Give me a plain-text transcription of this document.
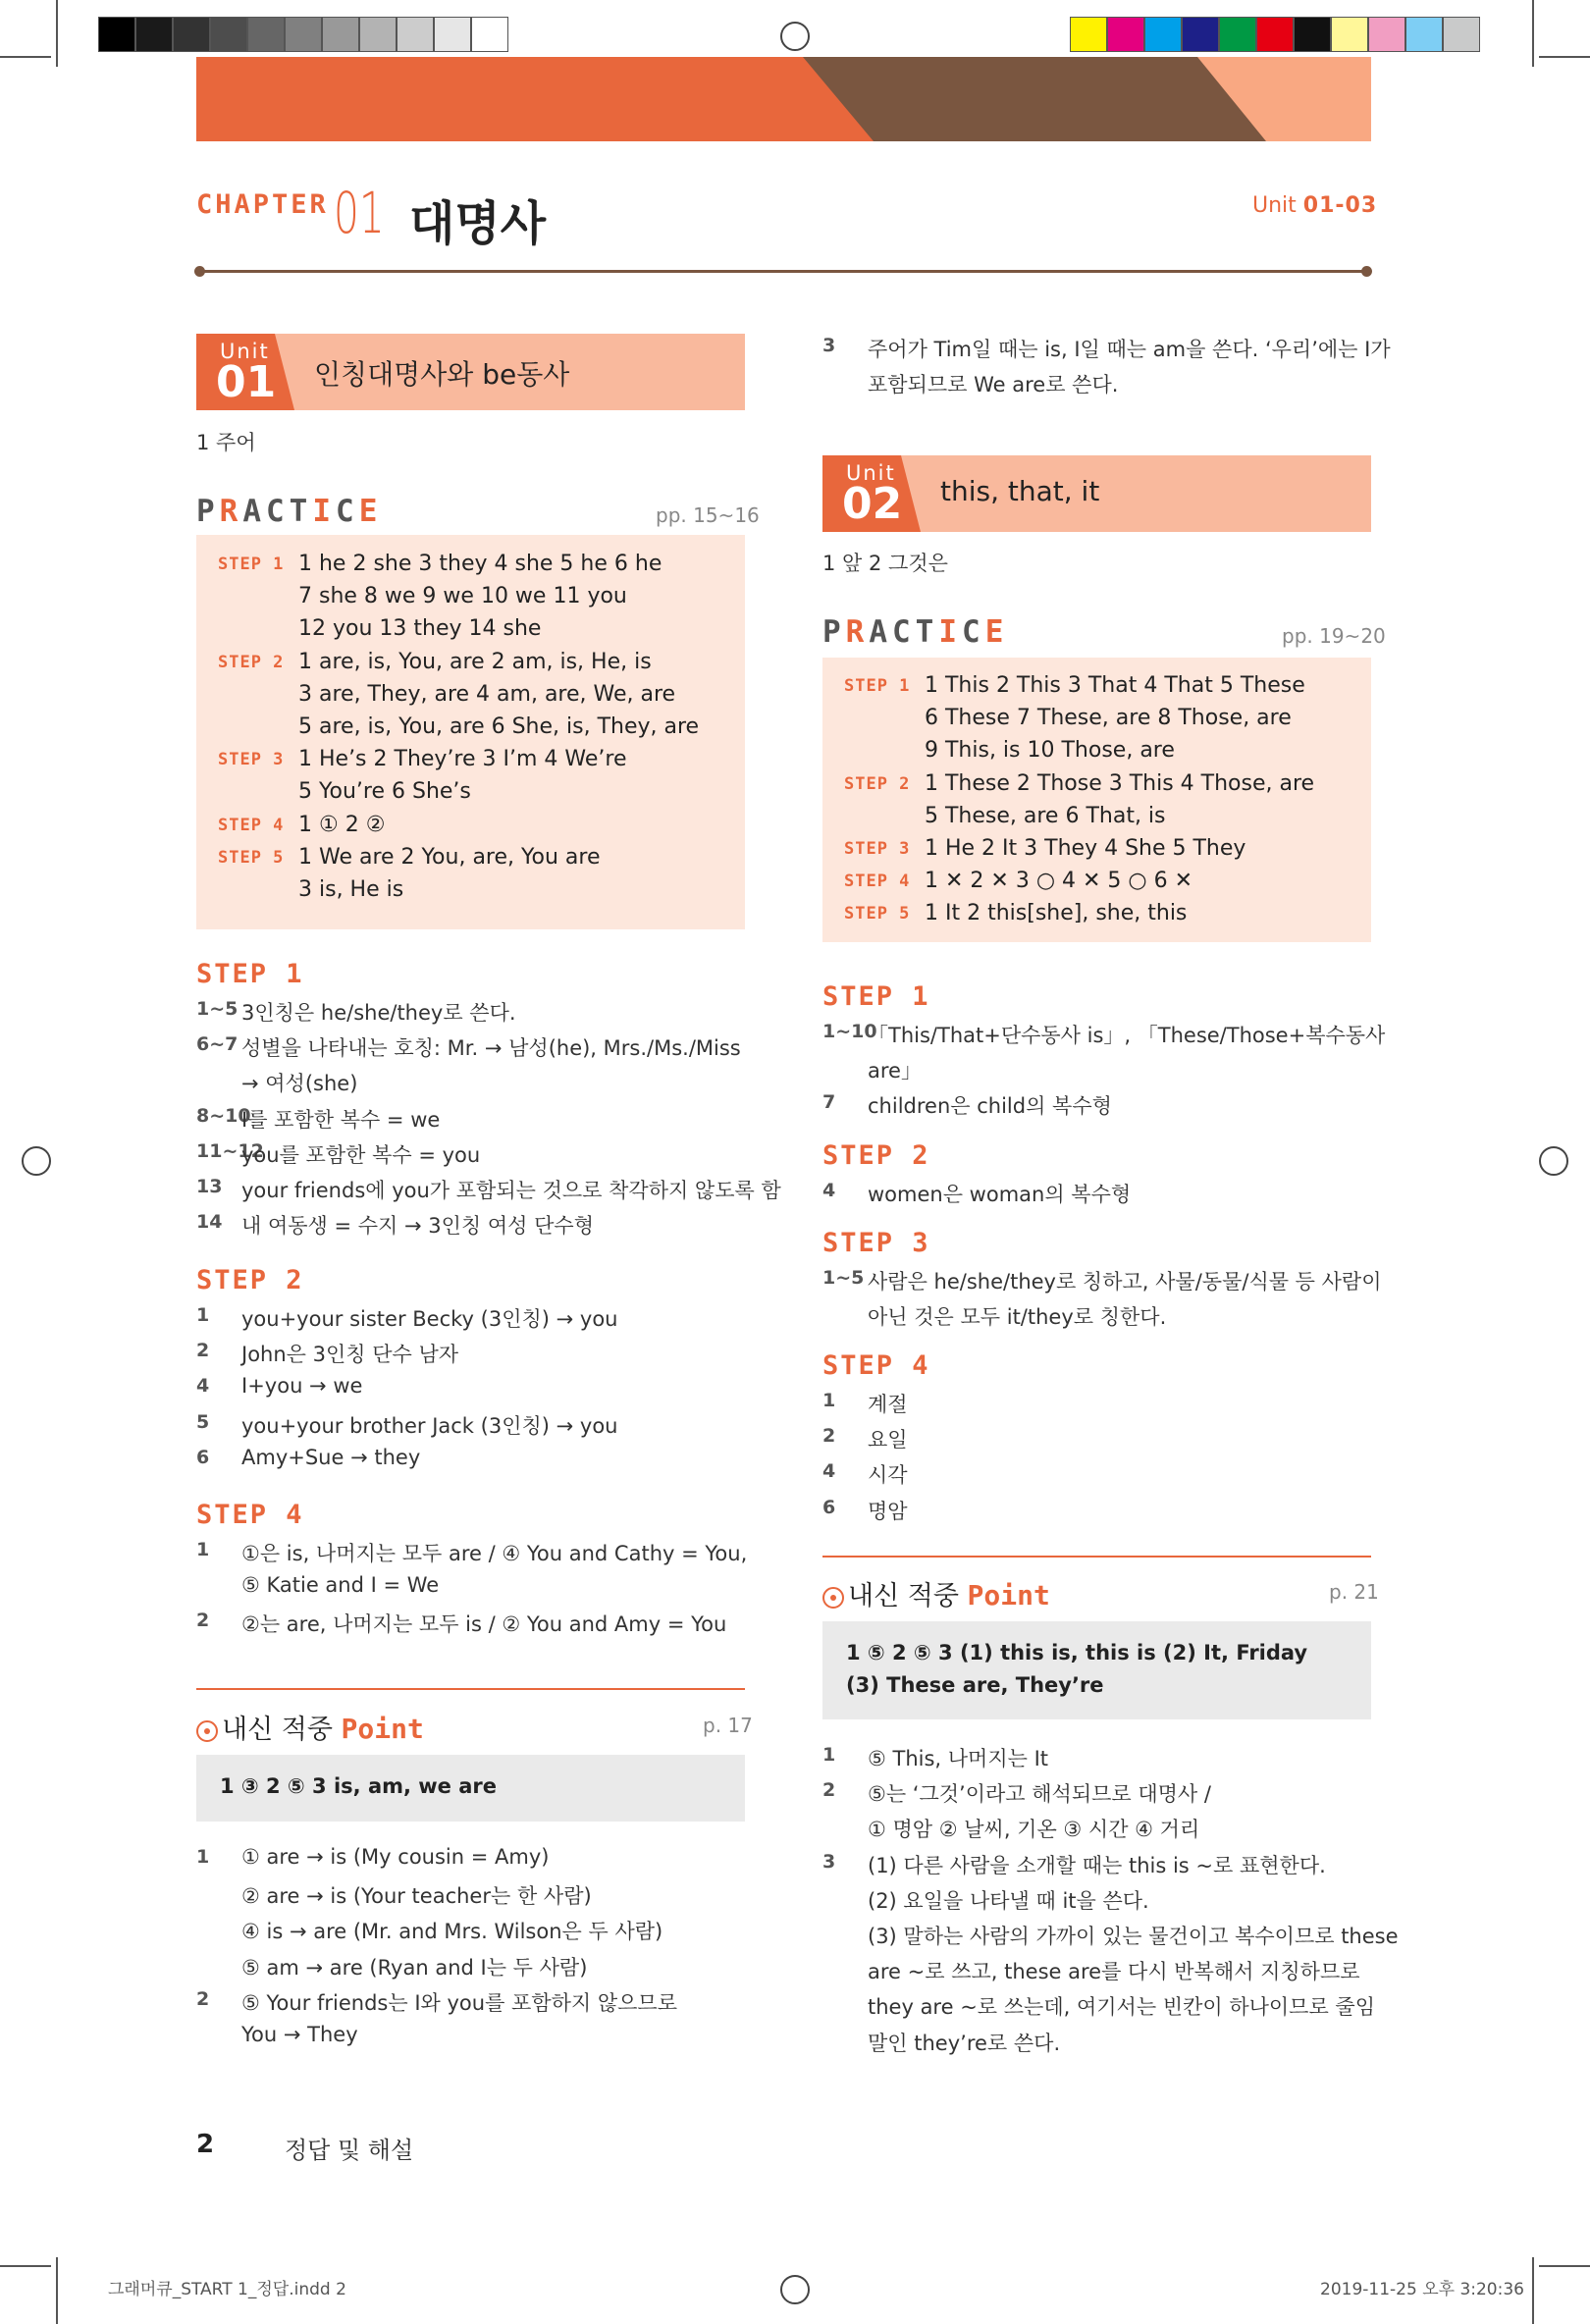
CHAPTER 01 대명사	Unit 01-03
Unit
01 인칭대명사와 be동사
1 주어
PRACTICE	pp. 15~16
STEP 1 1 he 2 she 3 they 4 she 5 he 6 he
7 she 8 we 9 we 10 we 11 you
12 you 13 they 14 she
STEP 2 1 are, is, You, are 2 am, is, He, is
3 are, They, are 4 am, are, We, are
5 are, is, You, are 6 She, is, They, are
STEP 3 1 He’s 2 They’re 3 I’m 4 We’re
5 You’re 6 She’s
STEP 4 1 ① 2 ②
STEP 5 1 We are 2 You, are, You are
3 is, He is
STEP 1
1~5 3인칭은 he/she/they로 쓴다.
6~7 성별을 나타내는 호칭: Mr. → 남성(he), Mrs./Ms./Miss
→ 여성(she)
8~10
I를 포함한 복수 = we
11~12
you를 포함한 복수 = you
13 your friends에 you가 포함되는 것으로 착각하지 않도록 함
14 내 여동생 = 수지 → 3인칭 여성 단수형
STEP 2
1 you+your sister Becky (3인칭) → you
2 John은 3인칭 단수 남자
4 I+you → we
5 you+your brother Jack (3인칭) → you
6 Amy+Sue → they
STEP 4
1 ①은 is, 나머지는 모두 are / ④ You and Cathy = You,
⑤ Katie and I = We
2 ②는 are, 나머지는 모두 is / ② You and Amy = You
내신 적중 Point	p. 17
1 ③ 2 ⑤ 3 is, am, we are
1 ① are → is (My cousin = Amy)
② are → is (Your teacher는 한 사람)
④ is → are (Mr. and Mrs. Wilson은 두 사람)
⑤ am → are (Ryan and I는 두 사람)
2 ⑤ Your friends는 I와 you를 포함하지 않으므로
You → They
2	정답 및 해설
3 주어가 Tim일 때는 is, I일 때는 am을 쓴다. ‘우리’에는 I가
포함되므로 We are로 쓴다.
Unit
02 this, that, it
1 앞 2 그것은
PRACTICE	pp. 19~20
STEP 1 1 This 2 This 3 That 4 That 5 These
6 These 7 These, are 8 Those, are
9 This, is 10 Those, are
STEP 2 1 These 2 Those 3 This 4 Those, are
5 These, are 6 That, is
STEP 3 1 He 2 It 3 They 4 She 5 They
STEP 4 1 ✕ 2 ✕ 3 ○ 4 ✕ 5 ○ 6 ✕
STEP 5 1 It 2 this[she], she, this
STEP 1
1~10
「This/That+단수동사 is」, 「These/Those+복수동사
are」
7 children은 child의 복수형
STEP 2
4 women은 woman의 복수형
STEP 3
1~5 사람은 he/she/they로 칭하고, 사물/동물/식물 등 사람이
아닌 것은 모두 it/they로 칭한다.
STEP 4
1 계절
2 요일
4 시각
6 명암
내신 적중 Point	p. 21
1 ⑤ 2 ⑤ 3 (1) this is, this is (2) It, Friday
(3) These are, They’re
1 ⑤ This, 나머지는 It
2 ⑤는 ‘그것’이라고 해석되므로 대명사 /
① 명암 ② 날씨, 기온 ③ 시간 ④ 거리
3 (1) 다른 사람을 소개할 때는 this is ~로 표현한다.
(2) 요일을 나타낼 때 it을 쓴다.
(3) 말하는 사람의 가까이 있는 물건이고 복수이므로 these
are ~로 쓰고, these are를 다시 반복해서 지칭하므로
they are ~로 쓰는데, 여기서는 빈칸이 하나이므로 줄임
말인 they’re로 쓴다.
그래머큐_START 1_정답.indd 2	2019-11-25 오후 3:20:36
